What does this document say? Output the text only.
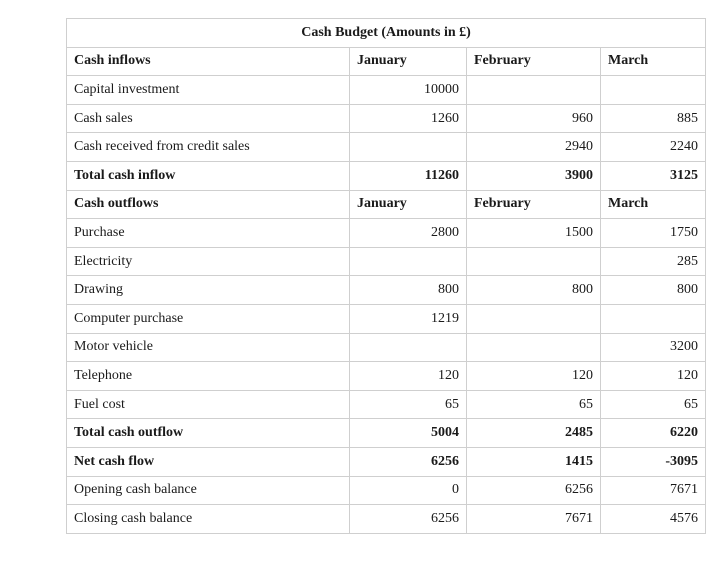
Cash Budget (Amounts in £)			
Cash inflows	January	February	March
Capital investment	10000		
Cash sales	1260	960	885
Cash received from credit sales		2940	2240
Total cash inflow	11260	3900	3125
Cash outflows	January	February	March
Purchase	2800	1500	1750
Electricity			285
Drawing	800	800	800
Computer purchase	1219		
Motor vehicle			3200
Telephone	120	120	120
Fuel cost	65	65	65
Total cash outflow	5004	2485	6220
Net cash flow	6256	1415	-3095
Opening cash balance	0	6256	7671
Closing cash balance	6256	7671	4576
